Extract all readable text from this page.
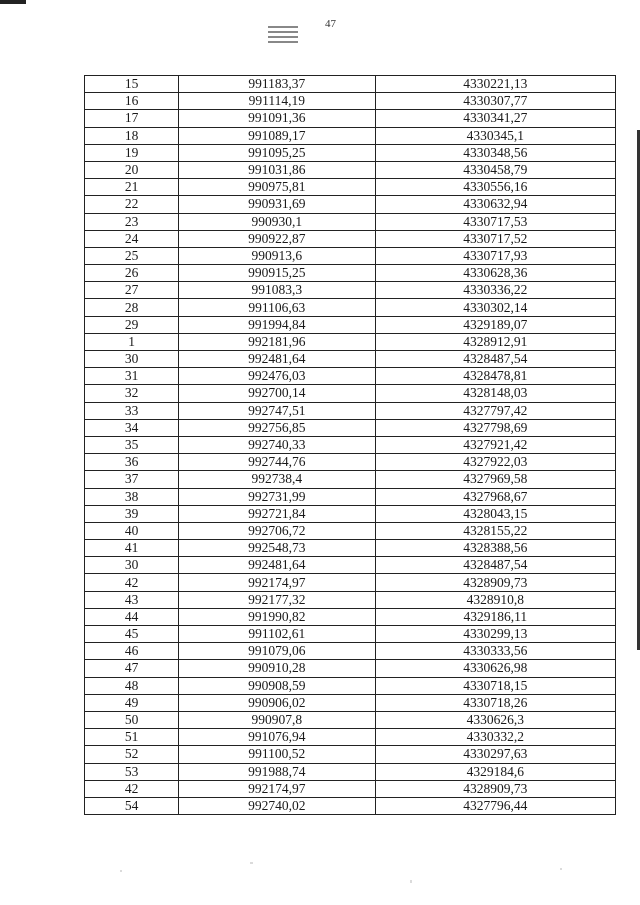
47
15	991183,37	4330221,13
16	991114,19	4330307,77
17	991091,36	4330341,27
18	991089,17	4330345,1
19	991095,25	4330348,56
20	991031,86	4330458,79
21	990975,81	4330556,16
22	990931,69	4330632,94
23	990930,1	4330717,53
24	990922,87	4330717,52
25	990913,6	4330717,93
26	990915,25	4330628,36
27	991083,3	4330336,22
28	991106,63	4330302,14
29	991994,84	4329189,07
1	992181,96	4328912,91
30	992481,64	4328487,54
31	992476,03	4328478,81
32	992700,14	4328148,03
33	992747,51	4327797,42
34	992756,85	4327798,69
35	992740,33	4327921,42
36	992744,76	4327922,03
37	992738,4	4327969,58
38	992731,99	4327968,67
39	992721,84	4328043,15
40	992706,72	4328155,22
41	992548,73	4328388,56
30	992481,64	4328487,54
42	992174,97	4328909,73
43	992177,32	4328910,8
44	991990,82	4329186,11
45	991102,61	4330299,13
46	991079,06	4330333,56
47	990910,28	4330626,98
48	990908,59	4330718,15
49	990906,02	4330718,26
50	990907,8	4330626,3
51	991076,94	4330332,2
52	991100,52	4330297,63
53	991988,74	4329184,6
42	992174,97	4328909,73
54	992740,02	4327796,44
